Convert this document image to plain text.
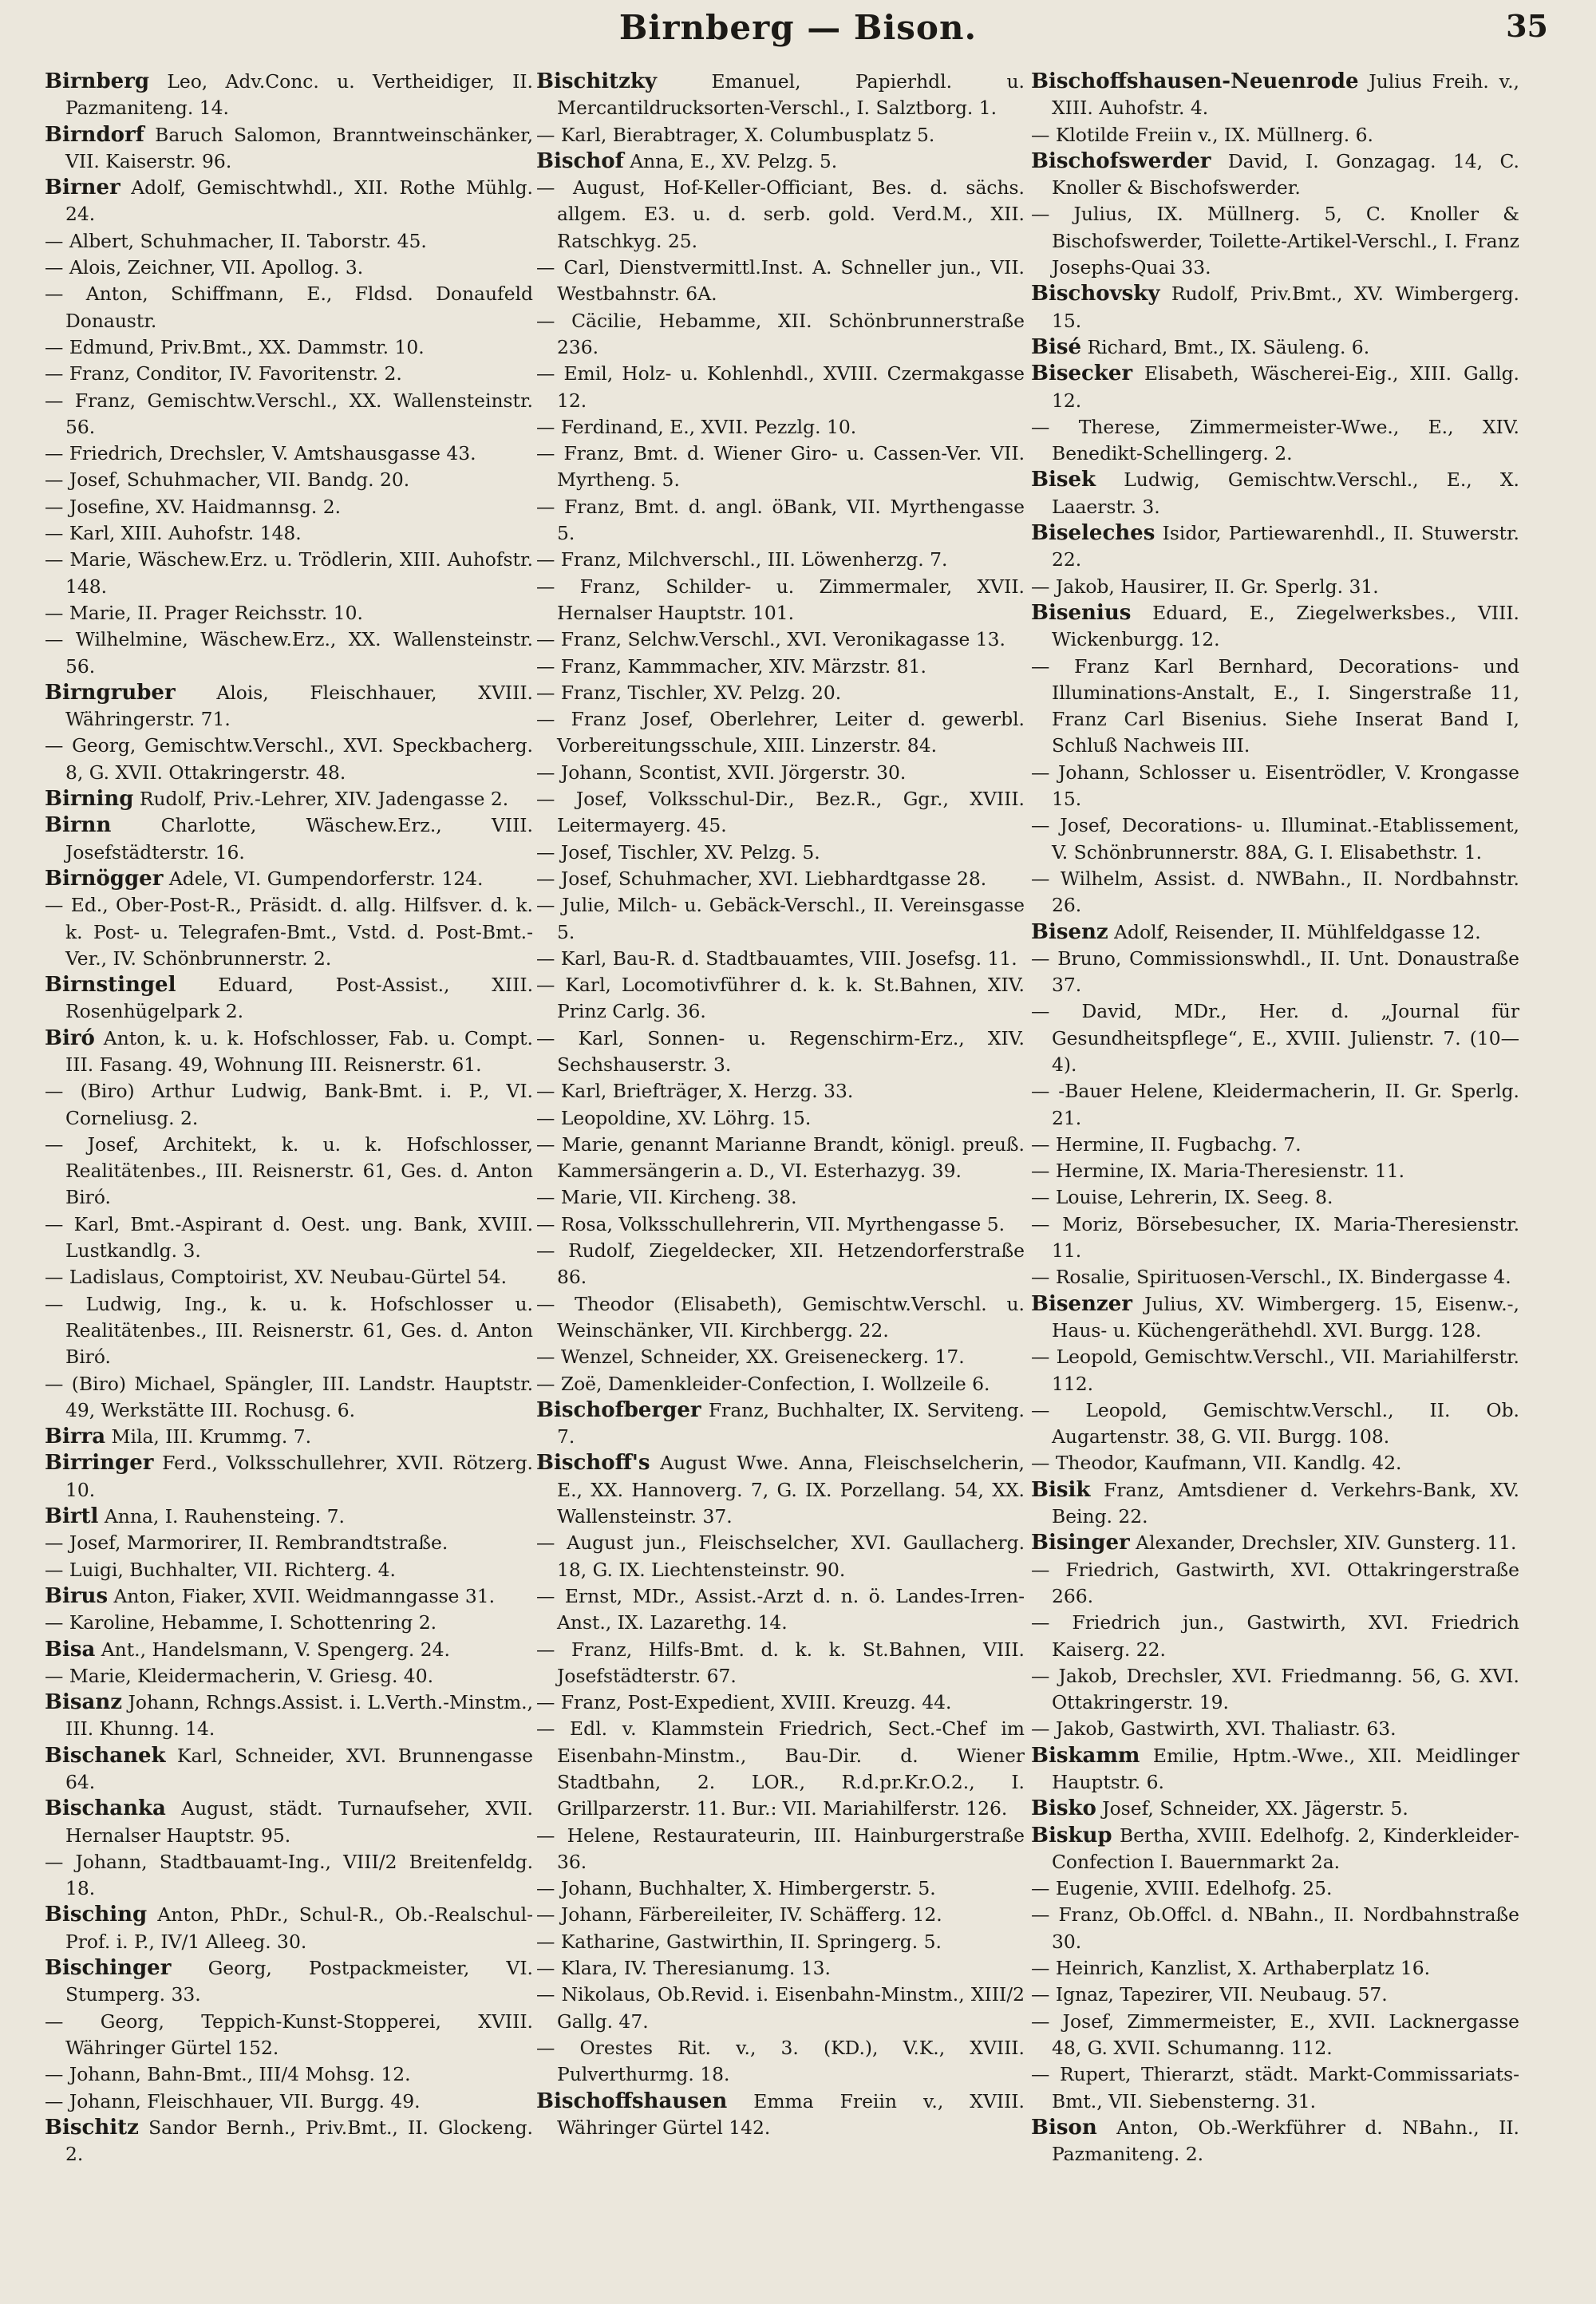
Birnberg — Bison.	35
Birnberg Leo, Adv.Conc. u. Vertheidiger, II. Pazmaniteng. 14.
Birndorf Baruch Salomon, Branntweinschänker, VII. Kaiserstr. 96.
Birner Adolf, Gemischtwhdl., XII. Rothe Mühlg. 24.
— Albert, Schuhmacher, II. Taborstr. 45.
— Alois, Zeichner, VII. Apollog. 3.
— Anton, Schiffmann, E., Fldsd. Donaufeld Donaustr.
— Edmund, Priv.Bmt., XX. Dammstr. 10.
— Franz, Conditor, IV. Favoritenstr. 2.
— Franz, Gemischtw.Verschl., XX. Wallensteinstr. 56.
— Friedrich, Drechsler, V. Amtshausgasse 43.
— Josef, Schuhmacher, VII. Bandg. 20.
— Josefine, XV. Haidmannsg. 2.
— Karl, XIII. Auhofstr. 148.
— Marie, Wäschew.Erz. u. Trödlerin, XIII. Auhofstr. 148.
— Marie, II. Prager Reichsstr. 10.
— Wilhelmine, Wäschew.Erz., XX. Wallensteinstr. 56.
Birngruber Alois, Fleischhauer, XVIII. Währingerstr. 71.
— Georg, Gemischtw.Verschl., XVI. Speckbacherg. 8, G. XVII. Ottakringerstr. 48.
Birning Rudolf, Priv.-Lehrer, XIV. Jadengasse 2.
Birnn Charlotte, Wäschew.Erz., VIII. Josefstädterstr. 16.
Birnögger Adele, VI. Gumpendorferstr. 124.
— Ed., Ober-Post-R., Präsidt. d. allg. Hilfsver. d. k. k. Post- u. Telegrafen-Bmt., Vstd. d. Post-Bmt.-Ver., IV. Schönbrunnerstr. 2.
Birnstingel Eduard, Post-Assist., XIII. Rosenhügelpark 2.
Biró Anton, k. u. k. Hofschlosser, Fab. u. Compt. III. Fasang. 49, Wohnung III. Reisnerstr. 61.
— (Biro) Arthur Ludwig, Bank-Bmt. i. P., VI. Corneliusg. 2.
— Josef, Architekt, k. u. k. Hofschlosser, Realitätenbes., III. Reisnerstr. 61, Ges. d. Anton Biró.
— Karl, Bmt.-Aspirant d. Oest. ung. Bank, XVIII. Lustkandlg. 3.
— Ladislaus, Comptoirist, XV. Neubau-Gürtel 54.
— Ludwig, Ing., k. u. k. Hofschlosser u. Realitätenbes., III. Reisnerstr. 61, Ges. d. Anton Biró.
— (Biro) Michael, Spängler, III. Landstr. Hauptstr. 49, Werkstätte III. Rochusg. 6.
Birra Mila, III. Krummg. 7.
Birringer Ferd., Volksschullehrer, XVII. Rötzerg. 10.
Birtl Anna, I. Rauhensteing. 7.
— Josef, Marmorirer, II. Rembrandtstraße.
— Luigi, Buchhalter, VII. Richterg. 4.
Birus Anton, Fiaker, XVII. Weidmanngasse 31.
— Karoline, Hebamme, I. Schottenring 2.
Bisa Ant., Handelsmann, V. Spengerg. 24.
— Marie, Kleidermacherin, V. Griesg. 40.
Bisanz Johann, Rchngs.Assist. i. L.Verth.-Minstm., III. Khunng. 14.
Bischanek Karl, Schneider, XVI. Brunnengasse 64.
Bischanka August, städt. Turnaufseher, XVII. Hernalser Hauptstr. 95.
— Johann, Stadtbauamt-Ing., VIII/2 Breitenfeldg. 18.
Bisching Anton, PhDr., Schul-R., Ob.-Realschul-Prof. i. P., IV/1 Alleeg. 30.
Bischinger Georg, Postpackmeister, VI. Stumperg. 33.
— Georg, Teppich-Kunst-Stopperei, XVIII. Währinger Gürtel 152.
— Johann, Bahn-Bmt., III/4 Mohsg. 12.
— Johann, Fleischhauer, VII. Burgg. 49.
Bischitz Sandor Bernh., Priv.Bmt., II. Glockeng. 2.
Bischitzky Emanuel, Papierhdl. u. Mercantildrucksorten-Verschl., I. Salztborg. 1.
— Karl, Bierabtrager, X. Columbusplatz 5.
Bischof Anna, E., XV. Pelzg. 5.
— August, Hof-Keller-Officiant, Bes. d. sächs. allgem. E3. u. d. serb. gold. Verd.M., XII. Ratschkyg. 25.
— Carl, Dienstvermittl.Inst. A. Schneller jun., VII. Westbahnstr. 6A.
— Cäcilie, Hebamme, XII. Schönbrunnerstraße 236.
— Emil, Holz- u. Kohlenhdl., XVIII. Czermakgasse 12.
— Ferdinand, E., XVII. Pezzlg. 10.
— Franz, Bmt. d. Wiener Giro- u. Cassen-Ver. VII. Myrtheng. 5.
— Franz, Bmt. d. angl. öBank, VII. Myrthengasse 5.
— Franz, Milchverschl., III. Löwenherzg. 7.
— Franz, Schilder- u. Zimmermaler, XVII. Hernalser Hauptstr. 101.
— Franz, Selchw.Verschl., XVI. Veronikagasse 13.
— Franz, Kammmacher, XIV. Märzstr. 81.
— Franz, Tischler, XV. Pelzg. 20.
— Franz Josef, Oberlehrer, Leiter d. gewerbl. Vorbereitungsschule, XIII. Linzerstr. 84.
— Johann, Scontist, XVII. Jörgerstr. 30.
— Josef, Volksschul-Dir., Bez.R., Ggr., XVIII. Leitermayerg. 45.
— Josef, Tischler, XV. Pelzg. 5.
— Josef, Schuhmacher, XVI. Liebhardtgasse 28.
— Julie, Milch- u. Gebäck-Verschl., II. Vereinsgasse 5.
— Karl, Bau-R. d. Stadtbauamtes, VIII. Josefsg. 11.
— Karl, Locomotivführer d. k. k. St.Bahnen, XIV. Prinz Carlg. 36.
— Karl, Sonnen- u. Regenschirm-Erz., XIV. Sechshauserstr. 3.
— Karl, Briefträger, X. Herzg. 33.
— Leopoldine, XV. Löhrg. 15.
— Marie, genannt Marianne Brandt, königl. preuß. Kammersängerin a. D., VI. Esterhazyg. 39.
— Marie, VII. Kircheng. 38.
— Rosa, Volksschullehrerin, VII. Myrthengasse 5.
— Rudolf, Ziegeldecker, XII. Hetzendorferstraße 86.
— Theodor (Elisabeth), Gemischtw.Verschl. u. Weinschänker, VII. Kirchbergg. 22.
— Wenzel, Schneider, XX. Greiseneckerg. 17.
— Zoë, Damenkleider-Confection, I. Wollzeile 6.
Bischofberger Franz, Buchhalter, IX. Serviteng. 7.
Bischoff's August Wwe. Anna, Fleischselcherin, E., XX. Hannoverg. 7, G. IX. Porzellang. 54, XX. Wallensteinstr. 37.
— August jun., Fleischselcher, XVI. Gaullacherg. 18, G. IX. Liechtensteinstr. 90.
— Ernst, MDr., Assist.-Arzt d. n. ö. Landes-Irren-Anst., IX. Lazarethg. 14.
— Franz, Hilfs-Bmt. d. k. k. St.Bahnen, VIII. Josefstädterstr. 67.
— Franz, Post-Expedient, XVIII. Kreuzg. 44.
— Edl. v. Klammstein Friedrich, Sect.-Chef im Eisenbahn-Minstm., Bau-Dir. d. Wiener Stadtbahn, 2. LOR., R.d.pr.Kr.O.2., I. Grillparzerstr. 11. Bur.: VII. Mariahilferstr. 126.
— Helene, Restaurateurin, III. Hainburgerstraße 36.
— Johann, Buchhalter, X. Himbergerstr. 5.
— Johann, Färbereileiter, IV. Schäfferg. 12.
— Katharine, Gastwirthin, II. Springerg. 5.
— Klara, IV. Theresianumg. 13.
— Nikolaus, Ob.Revid. i. Eisenbahn-Minstm., XIII/2 Gallg. 47.
— Orestes Rit. v., 3. (KD.), V.K., XVIII. Pulverthurmg. 18.
Bischoffshausen Emma Freiin v., XVIII. Währinger Gürtel 142.
Bischoffshausen-Neuenrode Julius Freih. v., XIII. Auhofstr. 4.
— Klotilde Freiin v., IX. Müllnerg. 6.
Bischofswerder David, I. Gonzagag. 14, C. Knoller & Bischofswerder.
— Julius, IX. Müllnerg. 5, C. Knoller & Bischofswerder, Toilette-Artikel-Verschl., I. Franz Josephs-Quai 33.
Bischovsky Rudolf, Priv.Bmt., XV. Wimbergerg. 15.
Bisé Richard, Bmt., IX. Säuleng. 6.
Bisecker Elisabeth, Wäscherei-Eig., XIII. Gallg. 12.
— Therese, Zimmermeister-Wwe., E., XIV. Benedikt-Schellingerg. 2.
Bisek Ludwig, Gemischtw.Verschl., E., X. Laaerstr. 3.
Biseleches Isidor, Partiewarenhdl., II. Stuwerstr. 22.
— Jakob, Hausirer, II. Gr. Sperlg. 31.
Bisenius Eduard, E., Ziegelwerksbes., VIII. Wickenburgg. 12.
— Franz Karl Bernhard, Decorations- und Illuminations-Anstalt, E., I. Singerstraße 11, Franz Carl Bisenius. Siehe Inserat Band I, Schluß Nachweis III.
— Johann, Schlosser u. Eisentrödler, V. Krongasse 15.
— Josef, Decorations- u. Illuminat.-Etablissement, V. Schönbrunnerstr. 88A, G. I. Elisabethstr. 1.
— Wilhelm, Assist. d. NWBahn., II. Nordbahnstr. 26.
Bisenz Adolf, Reisender, II. Mühlfeldgasse 12.
— Bruno, Commissionswhdl., II. Unt. Donaustraße 37.
— David, MDr., Her. d. „Journal für Gesundheitspflege“, E., XVIII. Julienstr. 7. (10—4).
— -Bauer Helene, Kleidermacherin, II. Gr. Sperlg. 21.
— Hermine, II. Fugbachg. 7.
— Hermine, IX. Maria-Theresienstr. 11.
— Louise, Lehrerin, IX. Seeg. 8.
— Moriz, Börsebesucher, IX. Maria-Theresienstr. 11.
— Rosalie, Spirituosen-Verschl., IX. Bindergasse 4.
Bisenzer Julius, XV. Wimbergerg. 15, Eisenw.-, Haus- u. Küchengeräthehdl. XVI. Burgg. 128.
— Leopold, Gemischtw.Verschl., VII. Mariahilferstr. 112.
— Leopold, Gemischtw.Verschl., II. Ob. Augartenstr. 38, G. VII. Burgg. 108.
— Theodor, Kaufmann, VII. Kandlg. 42.
Bisik Franz, Amtsdiener d. Verkehrs-Bank, XV. Being. 22.
Bisinger Alexander, Drechsler, XIV. Gunsterg. 11.
— Friedrich, Gastwirth, XVI. Ottakringerstraße 266.
— Friedrich jun., Gastwirth, XVI. Friedrich Kaiserg. 22.
— Jakob, Drechsler, XVI. Friedmanng. 56, G. XVI. Ottakringerstr. 19.
— Jakob, Gastwirth, XVI. Thaliastr. 63.
Biskamm Emilie, Hptm.-Wwe., XII. Meidlinger Hauptstr. 6.
Bisko Josef, Schneider, XX. Jägerstr. 5.
Biskup Bertha, XVIII. Edelhofg. 2, Kinderkleider-Confection I. Bauernmarkt 2a.
— Eugenie, XVIII. Edelhofg. 25.
— Franz, Ob.Offcl. d. NBahn., II. Nordbahnstraße 30.
— Heinrich, Kanzlist, X. Arthaberplatz 16.
— Ignaz, Tapezirer, VII. Neubaug. 57.
— Josef, Zimmermeister, E., XVII. Lacknergasse 48, G. XVII. Schumanng. 112.
— Rupert, Thierarzt, städt. Markt-Commissariats-Bmt., VII. Siebensterng. 31.
Bison Anton, Ob.-Werkführer d. NBahn., II. Pazmaniteng. 2.
